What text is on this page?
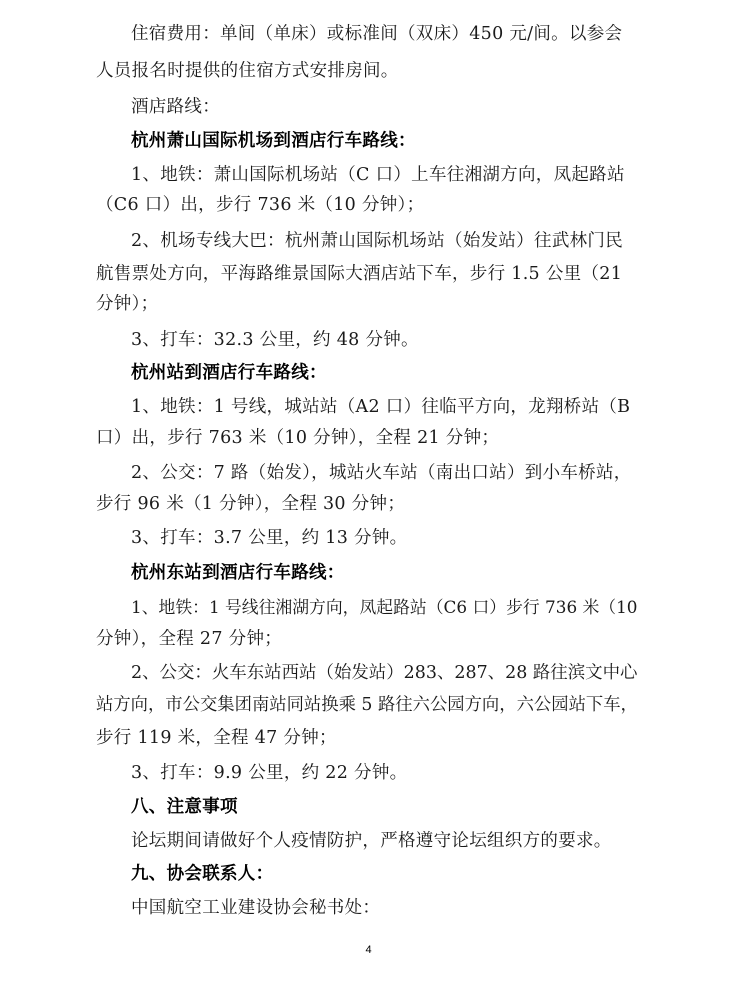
住宿费用：单间（单床）或标准间（双床）450 元/间。以参会
人员报名时提供的住宿方式安排房间。
酒店路线：
杭州萧山国际机场到酒店行车路线：
1、地铁：萧山国际机场站（C 口）上车往湘湖方向，凤起路站
（C6 口）出，步行 736 米（10 分钟）；
2、机场专线大巴：杭州萧山国际机场站（始发站）往武林门民
航售票处方向，平海路维景国际大酒店站下车，步行 1.5 公里（21
分钟）；
3、打车：32.3 公里，约 48 分钟。
杭州站到酒店行车路线：
1、地铁：1 号线，城站站（A2 口）往临平方向，龙翔桥站（B
口）出，步行 763 米（10 分钟），全程 21 分钟；
2、公交：7 路（始发），城站火车站（南出口站）到小车桥站，
步行 96 米（1 分钟），全程 30 分钟；
3、打车：3.7 公里，约 13 分钟。
杭州东站到酒店行车路线：
1、地铁：1 号线往湘湖方向，凤起路站（C6 口）步行 736 米（10
分钟），全程 27 分钟；
2、公交：火车东站西站（始发站）283、287、28 路往滨文中心
站方向，市公交集团南站同站换乘 5 路往六公园方向，六公园站下车，
步行 119 米，全程 47 分钟；
3、打车：9.9 公里，约 22 分钟。
八、注意事项
论坛期间请做好个人疫情防护，严格遵守论坛组织方的要求。
九、协会联系人：
中国航空工业建设协会秘书处：
4
